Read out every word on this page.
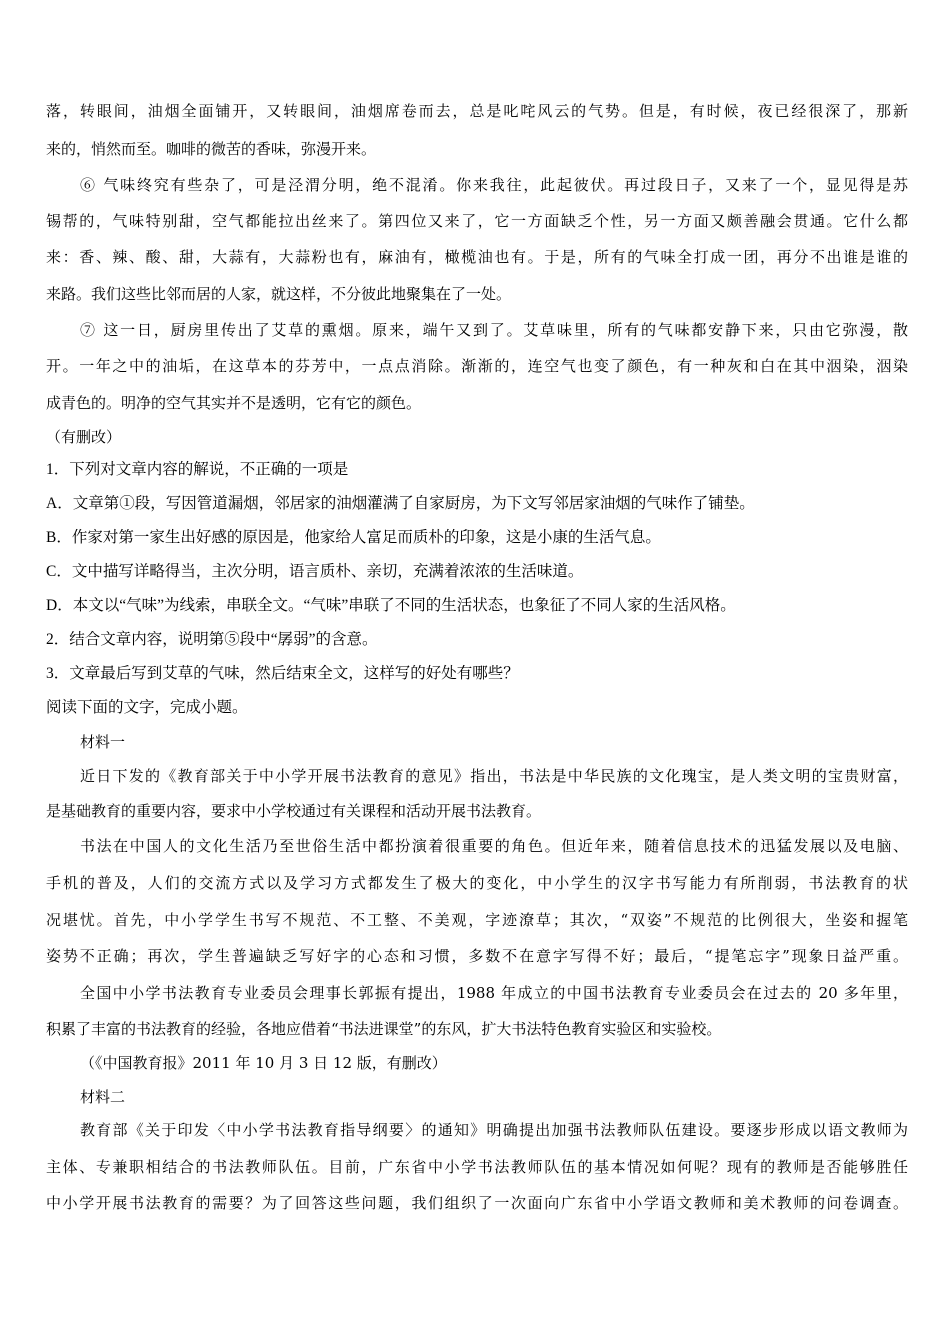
落，转眼间，油烟全面铺开，又转眼间，油烟席卷而去，总是叱咤风云的气势。但是，有时候，夜已经很深了，那新
来的，悄然而至。咖啡的微苦的香味，弥漫开来。
⑥ 气味终究有些杂了，可是泾渭分明，绝不混淆。你来我往，此起彼伏。再过段日子，又来了一个，显见得是苏
锡帮的，气味特别甜，空气都能拉出丝来了。第四位又来了，它一方面缺乏个性，另一方面又颇善融会贯通。它什么都
来：香、辣、酸、甜，大蒜有，大蒜粉也有，麻油有，橄榄油也有。于是，所有的气味全打成一团，再分不出谁是谁的
来路。我们这些比邻而居的人家，就这样，不分彼此地聚集在了一处。
⑦ 这一日，厨房里传出了艾草的熏烟。原来，端午又到了。艾草味里，所有的气味都安静下来，只由它弥漫，散
开。一年之中的油垢，在这草本的芬芳中，一点点消除。渐渐的，连空气也变了颜色，有一种灰和白在其中洇染，洇染
成青色的。明净的空气其实并不是透明，它有它的颜色。
（有删改）
1．下列对文章内容的解说，不正确的一项是
A．文章第①段，写因管道漏烟，邻居家的油烟灌满了自家厨房，为下文写邻居家油烟的气味作了铺垫。
B．作家对第一家生出好感的原因是，他家给人富足而质朴的印象，这是小康的生活气息。
C．文中描写详略得当，主次分明，语言质朴、亲切，充满着浓浓的生活味道。
D．本文以“气味”为线索，串联全文。“气味”串联了不同的生活状态，也象征了不同人家的生活风格。
2．结合文章内容，说明第⑤段中“孱弱”的含意。
3．文章最后写到艾草的气味，然后结束全文，这样写的好处有哪些？
阅读下面的文字，完成小题。
材料一
近日下发的《教育部关于中小学开展书法教育的意见》指出，书法是中华民族的文化瑰宝，是人类文明的宝贵财富，
是基础教育的重要内容，要求中小学校通过有关课程和活动开展书法教育。
书法在中国人的文化生活乃至世俗生活中都扮演着很重要的角色。但近年来，随着信息技术的迅猛发展以及电脑、
手机的普及，人们的交流方式以及学习方式都发生了极大的变化，中小学生的汉字书写能力有所削弱，书法教育的状
况堪忧。首先，中小学学生书写不规范、不工整、不美观，字迹潦草；其次，“双姿”不规范的比例很大，坐姿和握笔
姿势不正确；再次，学生普遍缺乏写好字的心态和习惯，多数不在意字写得不好；最后，“提笔忘字”现象日益严重。
全国中小学书法教育专业委员会理事长郭振有提出，1988 年成立的中国书法教育专业委员会在过去的 20 多年里，
积累了丰富的书法教育的经验，各地应借着“书法进课堂”的东风，扩大书法特色教育实验区和实验校。
（《中国教育报》2011 年 10 月 3 日 12 版，有删改）
材料二
教育部《关于印发〈中小学书法教育指导纲要〉的通知》明确提出加强书法教师队伍建设。要逐步形成以语文教师为
主体、专兼职相结合的书法教师队伍。目前，广东省中小学书法教师队伍的基本情况如何呢？现有的教师是否能够胜任
中小学开展书法教育的需要？为了回答这些问题，我们组织了一次面向广东省中小学语文教师和美术教师的问卷调查。
